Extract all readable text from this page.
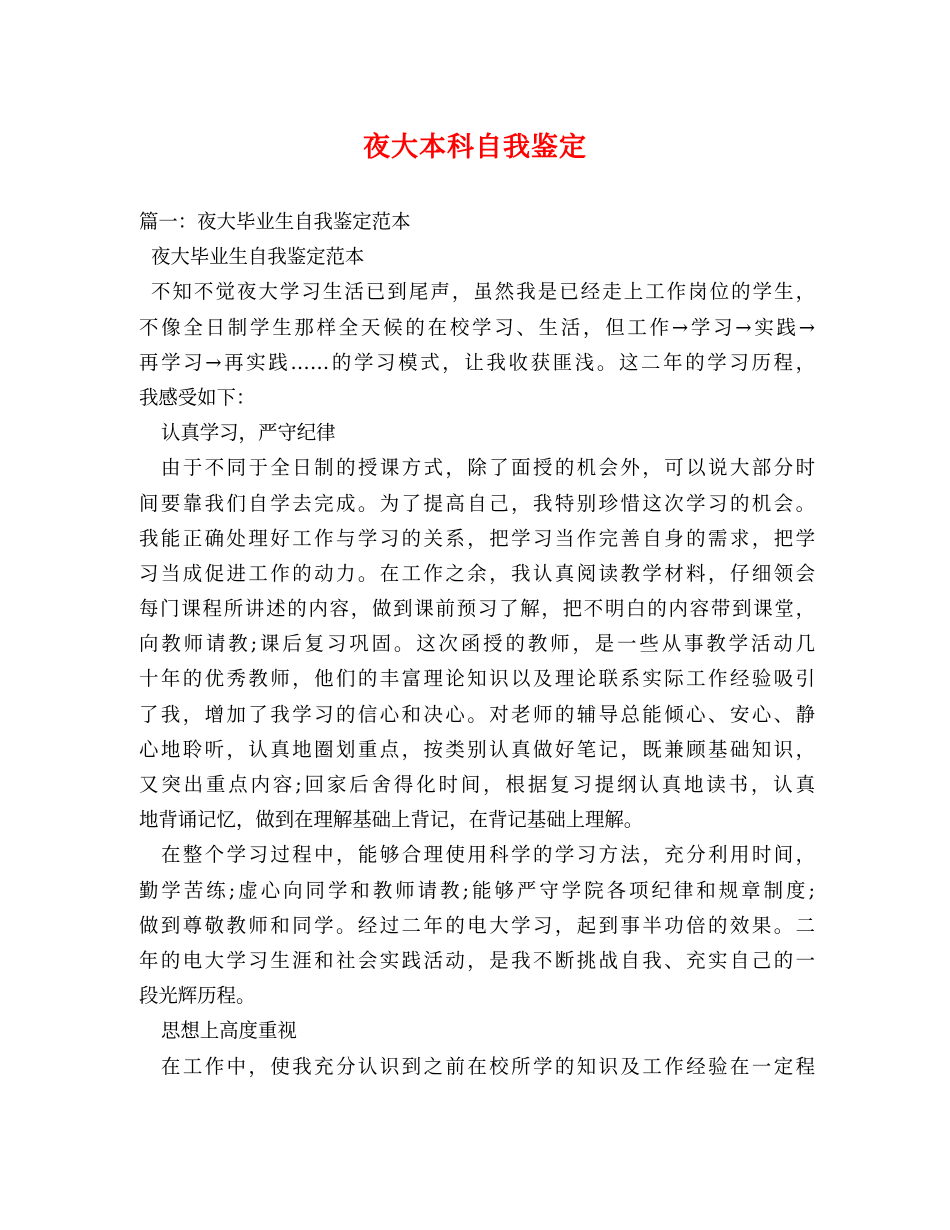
夜大本科自我鉴定
篇一：夜大毕业生自我鉴定范本
夜大毕业生自我鉴定范本
不知不觉夜大学习生活已到尾声，虽然我是已经走上工作岗位的学生，
不像全日制学生那样全天候的在校学习、生活，但工作→学习→实践→
再学习→再实践……的学习模式，让我收获匪浅。这二年的学习历程，
我感受如下：
认真学习，严守纪律
由于不同于全日制的授课方式，除了面授的机会外，可以说大部分时
间要靠我们自学去完成。为了提高自己，我特别珍惜这次学习的机会。
我能正确处理好工作与学习的关系，把学习当作完善自身的需求，把学
习当成促进工作的动力。在工作之余，我认真阅读教学材料，仔细领会
每门课程所讲述的内容，做到课前预习了解，把不明白的内容带到课堂，
向教师请教;课后复习巩固。这次函授的教师，是一些从事教学活动几
十年的优秀教师，他们的丰富理论知识以及理论联系实际工作经验吸引
了我，增加了我学习的信心和决心。对老师的辅导总能倾心、安心、静
心地聆听，认真地圈划重点，按类别认真做好笔记，既兼顾基础知识，
又突出重点内容;回家后舍得化时间，根据复习提纲认真地读书，认真
地背诵记忆，做到在理解基础上背记，在背记基础上理解。
在整个学习过程中，能够合理使用科学的学习方法，充分利用时间，
勤学苦练;虚心向同学和教师请教;能够严守学院各项纪律和规章制度;
做到尊敬教师和同学。经过二年的电大学习，起到事半功倍的效果。二
年的电大学习生涯和社会实践活动，是我不断挑战自我、充实自己的一
段光辉历程。
思想上高度重视
在工作中，使我充分认识到之前在校所学的知识及工作经验在一定程
